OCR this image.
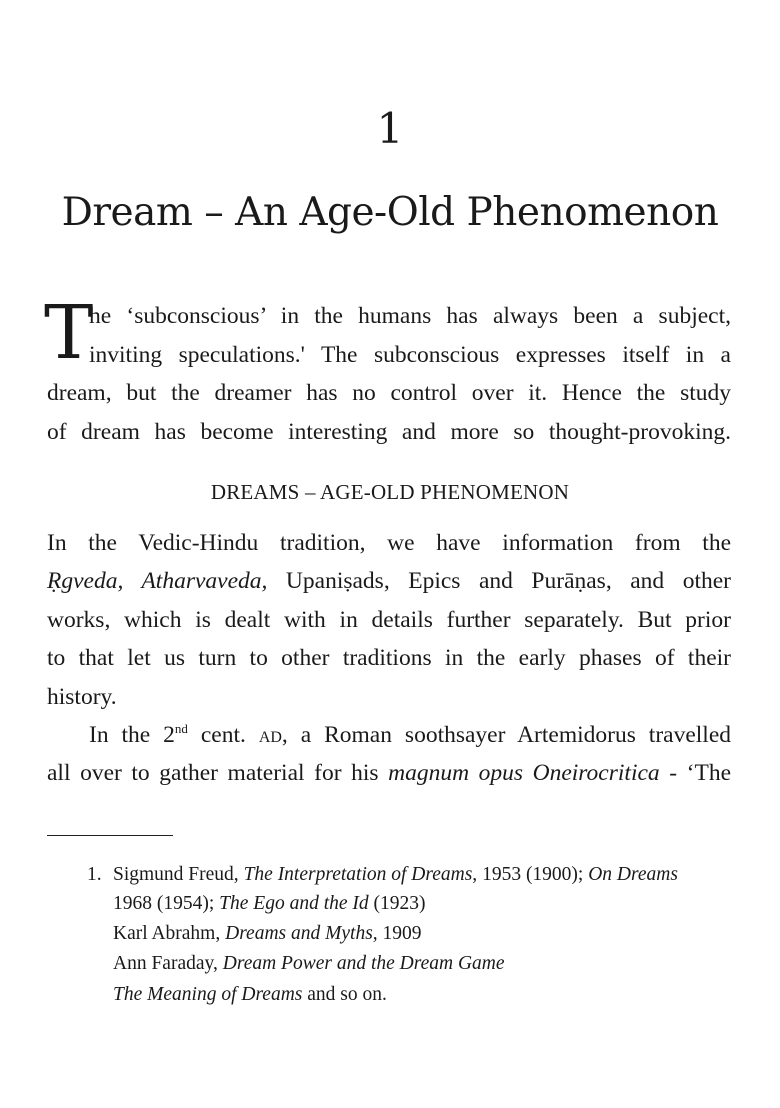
1
Dream – An Age-Old Phenomenon
T
he ‘subconscious’ in the humans has always been a subject,
inviting speculations.' The subconscious expresses itself in a
dream, but the dreamer has no control over it. Hence the study
of dream has become interesting and more so thought-provoking.
DREAMS – AGE-OLD PHENOMENON
In the Vedic-Hindu tradition, we have information from the
Ṛgveda, Atharvaveda, Upaniṣads, Epics and Purāṇas, and other
works, which is dealt with in details further separately. But prior
to that let us turn to other traditions in the early phases of their
history.
In the 2nd cent. ad, a Roman soothsayer Artemidorus travelled
all over to gather material for his magnum opus Oneirocritica - ‘The
1. Sigmund Freud, The Interpretation of Dreams, 1953 (1900); On Dreams
1968 (1954); The Ego and the Id (1923)
Karl Abrahm, Dreams and Myths, 1909
Ann Faraday, Dream Power and the Dream Game
The Meaning of Dreams and so on.
